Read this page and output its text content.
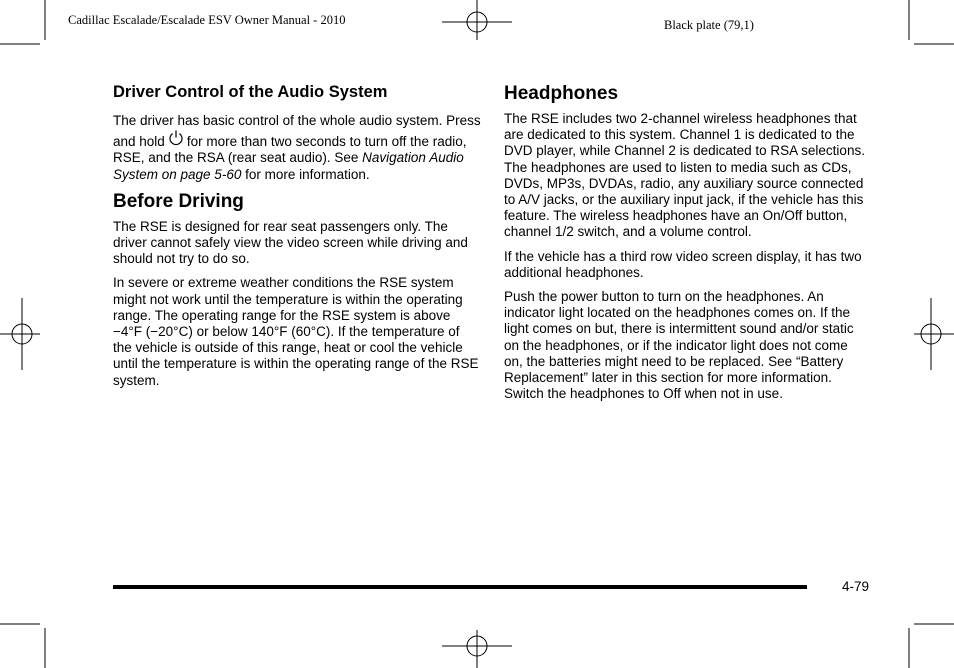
Cadillac Escalade/Escalade ESV Owner Manual - 2010	Black plate (79,1)
Driver Control of the Audio System

The driver has basic control of the whole audio system. Press and hold for more than two seconds to turn off the radio, RSE, and the RSA (rear seat audio). See Navigation Audio System on page 5-60 for more information.

Before Driving

The RSE is designed for rear seat passengers only. The driver cannot safely view the video screen while driving and should not try to do so.

In severe or extreme weather conditions the RSE system might not work until the temperature is within the operating range. The operating range for the RSE system is above −4°F (−20°C) or below 140°F (60°C). If the temperature of the vehicle is outside of this range, heat or cool the vehicle until the temperature is within the operating range of the RSE system.

Headphones

The RSE includes two 2-channel wireless headphones that are dedicated to this system. Channel 1 is dedicated to the DVD player, while Channel 2 is dedicated to RSA selections. The headphones are used to listen to media such as CDs, DVDs, MP3s, DVDAs, radio, any auxiliary source connected to A/V jacks, or the auxiliary input jack, if the vehicle has this feature. The wireless headphones have an On/Off button, channel 1/2 switch, and a volume control.

If the vehicle has a third row video screen display, it has two additional headphones.

Push the power button to turn on the headphones. An indicator light located on the headphones comes on. If the light comes on but, there is intermittent sound and/or static on the headphones, or if the indicator light does not come on, the batteries might need to be replaced. See “Battery Replacement” later in this section for more information. Switch the headphones to Off when not in use.

4-79
